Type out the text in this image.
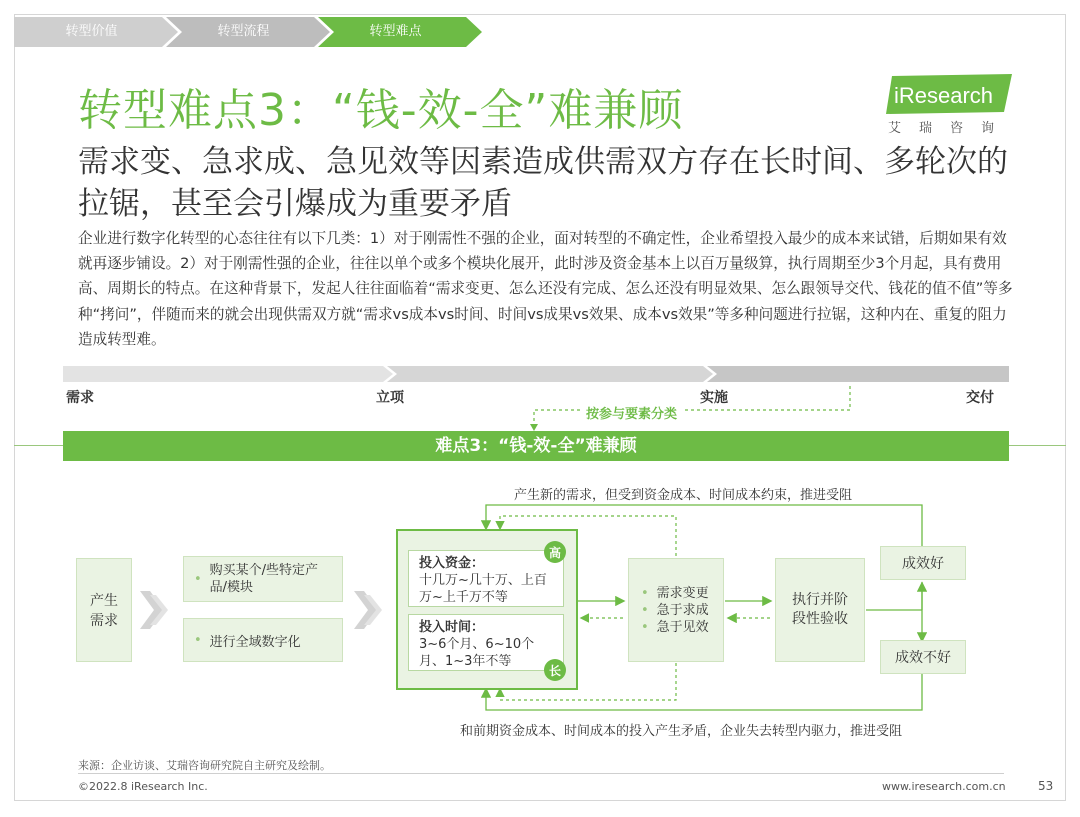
转型价值	转型流程	转型难点
转型难点3：“钱-效-全”难兼顾	iResearch
艾瑞咨询
需求变、急求成、急见效等因素造成供需双方存在长时间、多轮次的拉锯，甚至会引爆成为重要矛盾
企业进行数字化转型的心态往往有以下几类：1）对于刚需性不强的企业，面对转型的不确定性，企业希望投入最少的成本来试错，后期如果有效就再逐步铺设。2）对于刚需性强的企业，往往以单个或多个模块化展开，此时涉及资金基本上以百万量级算，执行周期至少3个月起，具有费用高、周期长的特点。在这种背景下，发起人往往面临着“需求变更、怎么还没有完成、怎么还没有明显效果、怎么跟领导交代、钱花的值不值”等多种“拷问”，伴随而来的就会出现供需双方就“需求vs成本vs时间、时间vs成果vs效果、成本vs效果”等多种问题进行拉锯，这种内在、重复的阻力造成转型难。
需求	立项	实施	交付
按参与要素分类
难点3：“钱-效-全”难兼顾
产生新的需求，但受到资金成本、时间成本约束，推进受阻
和前期资金成本、时间成本的投入产生矛盾，企业失去转型内驱力，推进受阻
产生
需求
•
购买某个/些特定产品/模块
• 进行全域数字化
投入资金：
十几万~几十万、上百万~上千万不等
投入时间：
3~6个月、6~10个月、1~3年不等
高
长
• 需求变更
• 急于求成
• 急于见效
执行并阶段性验收
成效好
成效不好
来源：企业访谈、艾瑞咨询研究院自主研究及绘制。
©2022.8 iResearch Inc.	www.iresearch.com.cn	53
